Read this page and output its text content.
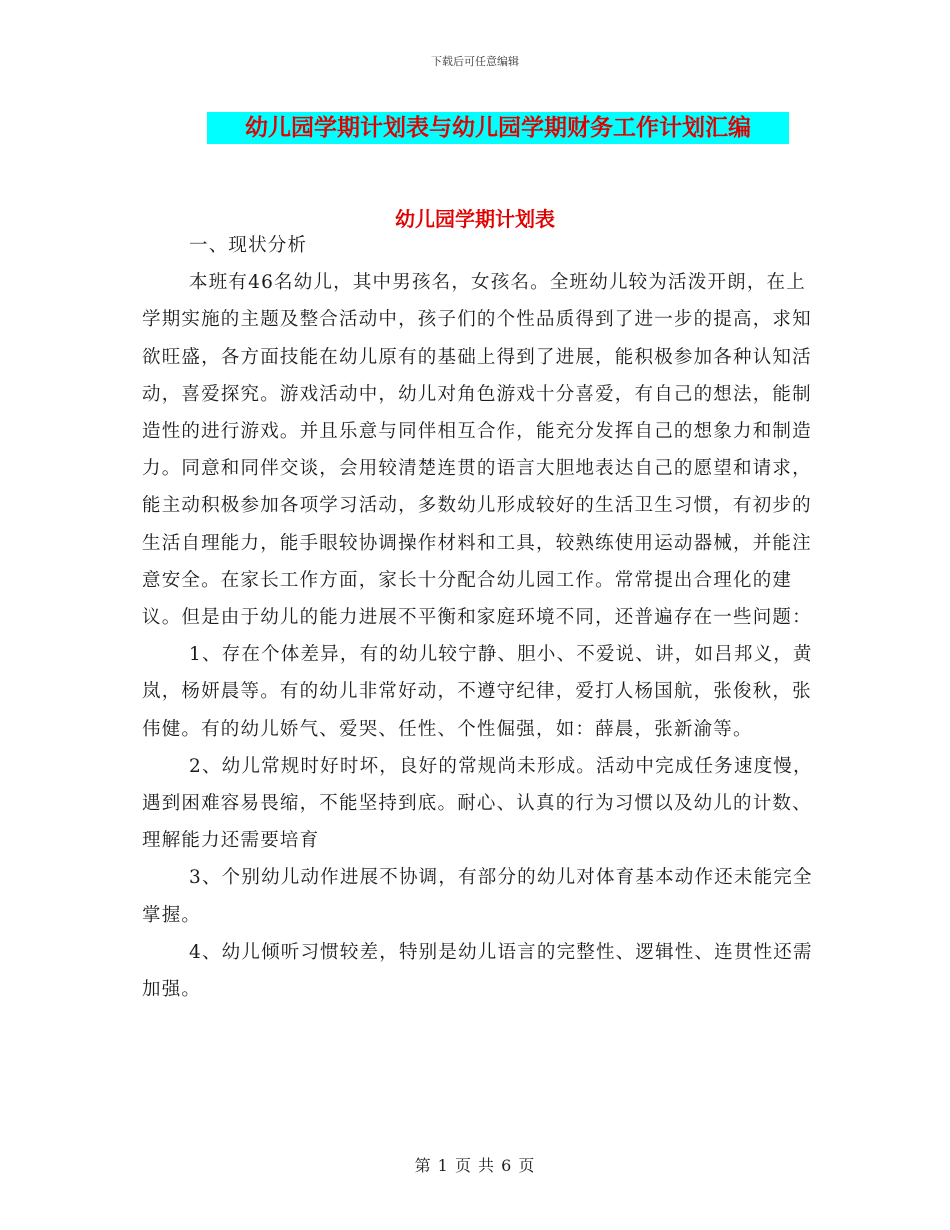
下载后可任意编辑
幼儿园学期计划表与幼儿园学期财务工作计划汇编
幼儿园学期计划表

一、现状分析

本班有46名幼儿，其中男孩名，女孩名。全班幼儿较为活泼开朗，在上学期实施的主题及整合活动中，孩子们的个性品质得到了进一步的提高，求知欲旺盛，各方面技能在幼儿原有的基础上得到了进展，能积极参加各种认知活动，喜爱探究。游戏活动中，幼儿对角色游戏十分喜爱，有自己的想法，能制造性的进行游戏。并且乐意与同伴相互合作，能充分发挥自己的想象力和制造力。同意和同伴交谈，会用较清楚连贯的语言大胆地表达自己的愿望和请求，能主动积极参加各项学习活动，多数幼儿形成较好的生活卫生习惯，有初步的生活自理能力，能手眼较协调操作材料和工具，较熟练使用运动器械，并能注意安全。在家长工作方面，家长十分配合幼儿园工作。常常提出合理化的建议。但是由于幼儿的能力进展不平衡和家庭环境不同，还普遍存在一些问题：

1、存在个体差异，有的幼儿较宁静、胆小、不爱说、讲，如吕邦义，黄岚，杨妍晨等。有的幼儿非常好动，不遵守纪律，爱打人杨国航，张俊秋，张伟健。有的幼儿娇气、爱哭、任性、个性倔强，如：薛晨，张新渝等。

2、幼儿常规时好时坏，良好的常规尚未形成。活动中完成任务速度慢，遇到困难容易畏缩，不能坚持到底。耐心、认真的行为习惯以及幼儿的计数、理解能力还需要培育

3、个别幼儿动作进展不协调，有部分的幼儿对体育基本动作还未能完全掌握。

4、幼儿倾听习惯较差，特别是幼儿语言的完整性、逻辑性、连贯性还需加强。

第 1 页 共 6 页
